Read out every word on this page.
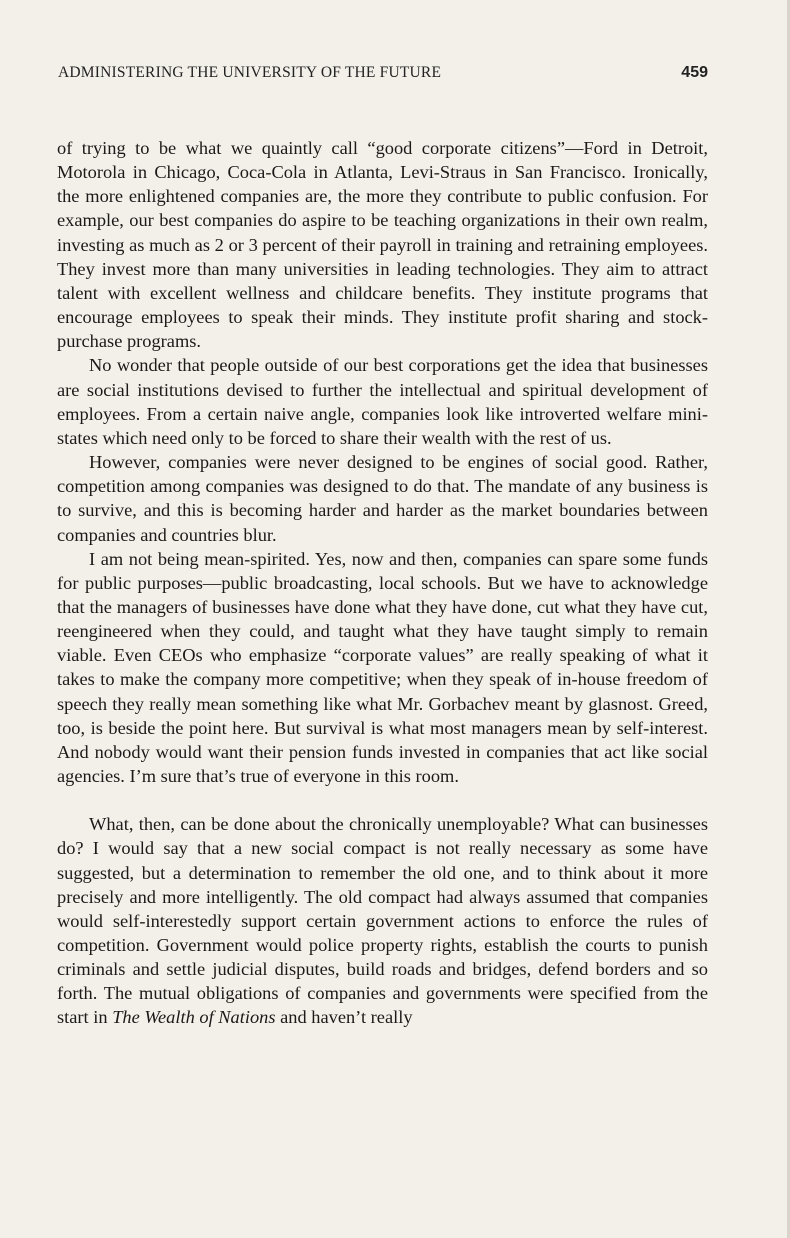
ADMINISTERING THE UNIVERSITY OF THE FUTURE	459

of trying to be what we quaintly call “good corporate citizens”—Ford in Detroit, Motorola in Chicago, Coca-Cola in Atlanta, Levi-Straus in San Francisco. Ironically, the more enlightened companies are, the more they contribute to public confusion. For example, our best companies do aspire to be teaching organizations in their own realm, investing as much as 2 or 3 percent of their payroll in training and retraining employees. They invest more than many universities in leading technologies. They aim to attract talent with excellent wellness and childcare benefits. They institute programs that encourage employees to speak their minds. They institute profit sharing and stock-purchase programs.

No wonder that people outside of our best corporations get the idea that businesses are social institutions devised to further the intellectual and spiritual development of employees. From a certain naive angle, companies look like introverted welfare mini-states which need only to be forced to share their wealth with the rest of us.

However, companies were never designed to be engines of social good. Rather, competition among companies was designed to do that. The mandate of any business is to survive, and this is becoming harder and harder as the market boundaries between companies and countries blur.

I am not being mean-spirited. Yes, now and then, companies can spare some funds for public purposes—public broadcasting, local schools. But we have to acknowledge that the managers of businesses have done what they have done, cut what they have cut, reengineered when they could, and taught what they have taught simply to remain viable. Even CEOs who emphasize “corporate values” are really speaking of what it takes to make the company more competitive; when they speak of in-house freedom of speech they really mean something like what Mr. Gorbachev meant by glasnost. Greed, too, is beside the point here. But survival is what most managers mean by self-interest. And nobody would want their pension funds invested in companies that act like social agencies. I’m sure that’s true of everyone in this room.

What, then, can be done about the chronically unemployable? What can businesses do? I would say that a new social compact is not really necessary as some have suggested, but a determination to remember the old one, and to think about it more precisely and more intelligently. The old compact had always assumed that companies would self-interestedly support certain government actions to enforce the rules of competition. Government would police property rights, establish the courts to punish criminals and settle judicial disputes, build roads and bridges, defend borders and so forth. The mutual obligations of companies and governments were specified from the start in The Wealth of Nations and haven’t really
